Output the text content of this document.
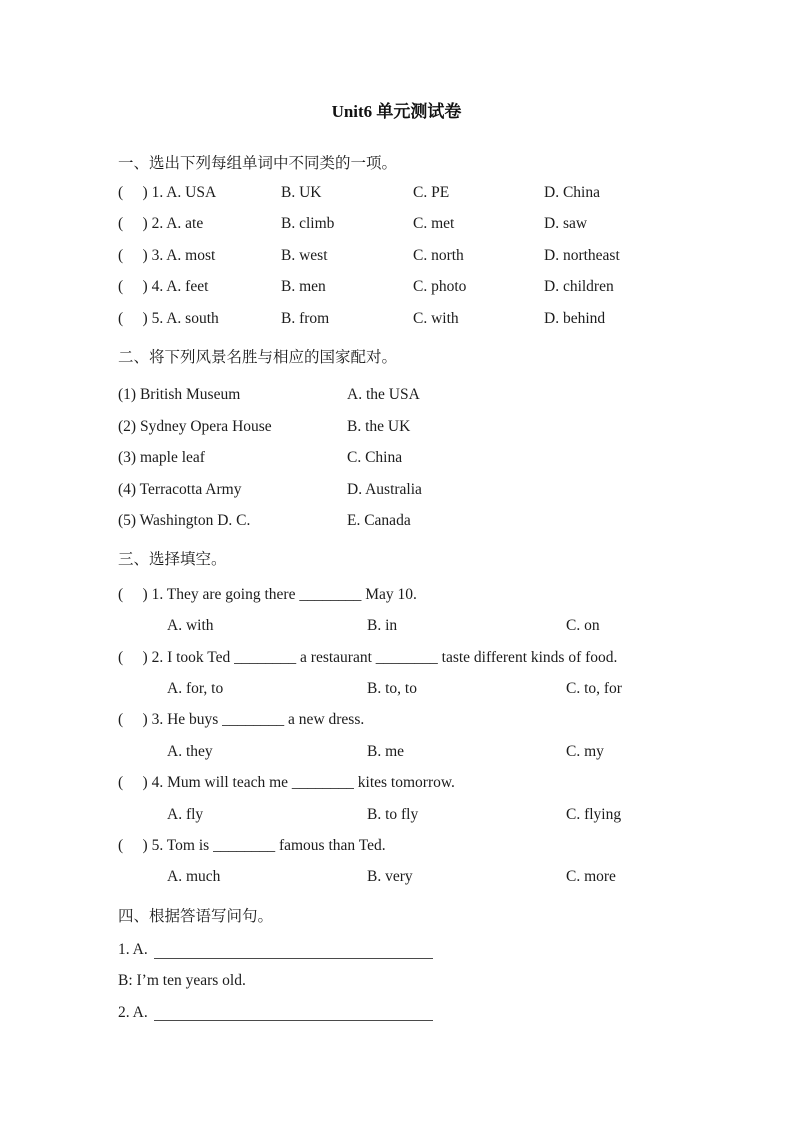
Unit6 单元测试卷
一、选出下列每组单词中不同类的一项。
(     ) 1. A. USA	B. UK	C. PE	D. China
(     ) 2. A. ate	B. climb	C. met	D. saw
(     ) 3. A. most	B. west	C. north	D. northeast
(     ) 4. A. feet	B. men	C. photo	D. children
(     ) 5. A. south	B. from	C. with	D. behind
二、将下列风景名胜与相应的国家配对。
(1) British Museum	A. the USA
(2) Sydney Opera House	B. the UK
(3) maple leaf	C. China
(4) Terracotta Army	D. Australia
(5) Washington D. C.	E. Canada
三、选择填空。
(     ) 1. They are going there ________ May 10.
A. with	B. in	C. on
(     ) 2. I took Ted ________ a restaurant ________ taste different kinds of food.
A. for, to	B. to, to	C. to, for
(     ) 3. He buys ________ a new dress.
A. they	B. me	C. my
(     ) 4. Mum will teach me ________ kites tomorrow.
A. fly	B. to fly	C. flying
(     ) 5. Tom is ________ famous than Ted.
A. much	B. very	C. more
四、根据答语写问句。
1. A.
B: I’m ten years old.
2. A.
